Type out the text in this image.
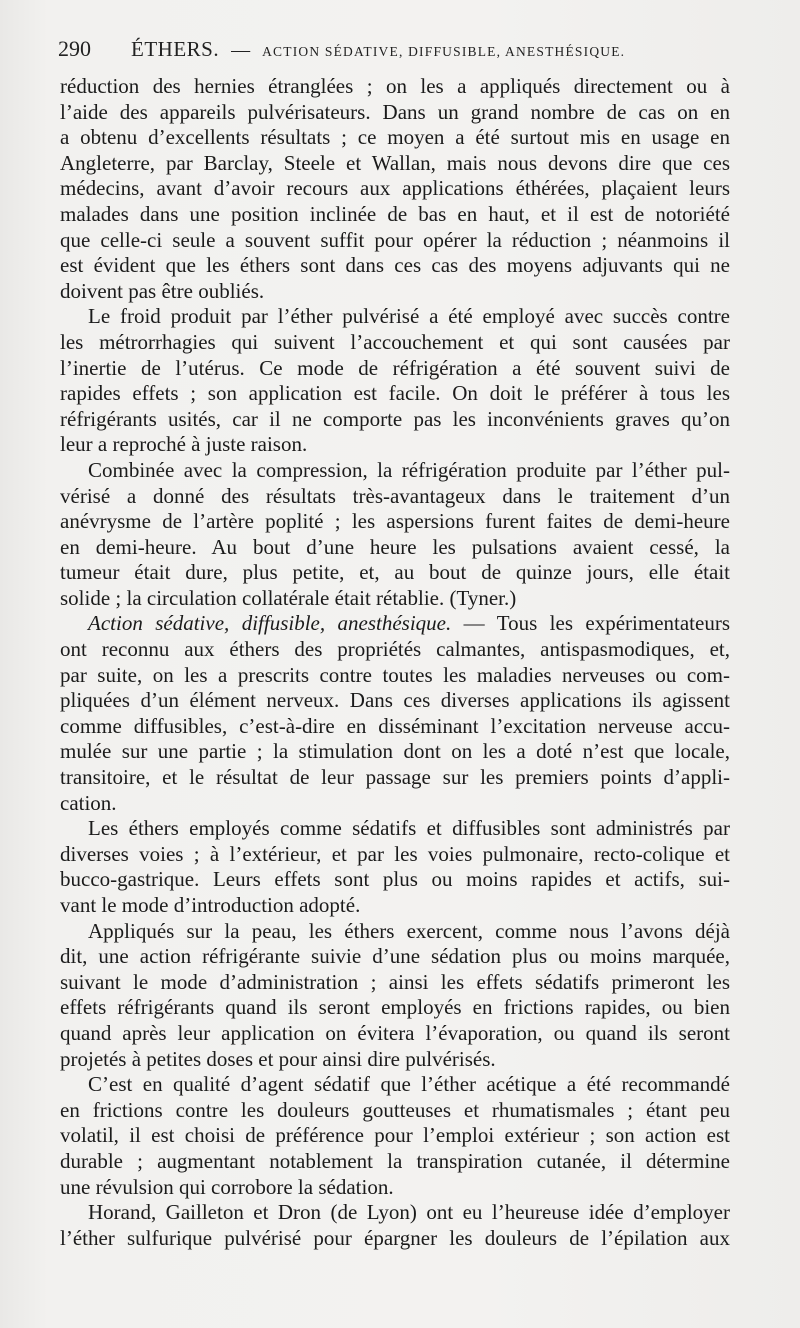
290 ÉTHERS. — ACTION SÉDATIVE, DIFFUSIBLE, ANESTHÉSIQUE.
réduction des hernies étranglées ; on les a appliqués directement ou à
l’aide des appareils pulvérisateurs. Dans un grand nombre de cas on en
a obtenu d’excellents résultats ; ce moyen a été surtout mis en usage en
Angleterre, par Barclay, Steele et Wallan, mais nous devons dire que ces
médecins, avant d’avoir recours aux applications éthérées, plaçaient leurs
malades dans une position inclinée de bas en haut, et il est de notoriété
que celle-ci seule a souvent suffit pour opérer la réduction ; néanmoins il
est évident que les éthers sont dans ces cas des moyens adjuvants qui ne
doivent pas être oubliés.
Le froid produit par l’éther pulvérisé a été employé avec succès contre
les métrorrhagies qui suivent l’accouchement et qui sont causées par
l’inertie de l’utérus. Ce mode de réfrigération a été souvent suivi de
rapides effets ; son application est facile. On doit le préférer à tous les
réfrigérants usités, car il ne comporte pas les inconvénients graves qu’on
leur a reproché à juste raison.
Combinée avec la compression, la réfrigération produite par l’éther pul-
vérisé a donné des résultats très-avantageux dans le traitement d’un
anévrysme de l’artère poplité ; les aspersions furent faites de demi-heure
en demi-heure. Au bout d’une heure les pulsations avaient cessé, la
tumeur était dure, plus petite, et, au bout de quinze jours, elle était
solide ; la circulation collatérale était rétablie. (Tyner.)
Action sédative, diffusible, anesthésique. — Tous les expérimentateurs
ont reconnu aux éthers des propriétés calmantes, antispasmodiques, et,
par suite, on les a prescrits contre toutes les maladies nerveuses ou com-
pliquées d’un élément nerveux. Dans ces diverses applications ils agissent
comme diffusibles, c’est-à-dire en disséminant l’excitation nerveuse accu-
mulée sur une partie ; la stimulation dont on les a doté n’est que locale,
transitoire, et le résultat de leur passage sur les premiers points d’appli-
cation.
Les éthers employés comme sédatifs et diffusibles sont administrés par
diverses voies ; à l’extérieur, et par les voies pulmonaire, recto-colique et
bucco-gastrique. Leurs effets sont plus ou moins rapides et actifs, sui-
vant le mode d’introduction adopté.
Appliqués sur la peau, les éthers exercent, comme nous l’avons déjà
dit, une action réfrigérante suivie d’une sédation plus ou moins marquée,
suivant le mode d’administration ; ainsi les effets sédatifs primeront les
effets réfrigérants quand ils seront employés en frictions rapides, ou bien
quand après leur application on évitera l’évaporation, ou quand ils seront
projetés à petites doses et pour ainsi dire pulvérisés.
C’est en qualité d’agent sédatif que l’éther acétique a été recommandé
en frictions contre les douleurs goutteuses et rhumatismales ; étant peu
volatil, il est choisi de préférence pour l’emploi extérieur ; son action est
durable ; augmentant notablement la transpiration cutanée, il détermine
une révulsion qui corrobore la sédation.
Horand, Gailleton et Dron (de Lyon) ont eu l’heureuse idée d’employer
l’éther sulfurique pulvérisé pour épargner les douleurs de l’épilation aux
